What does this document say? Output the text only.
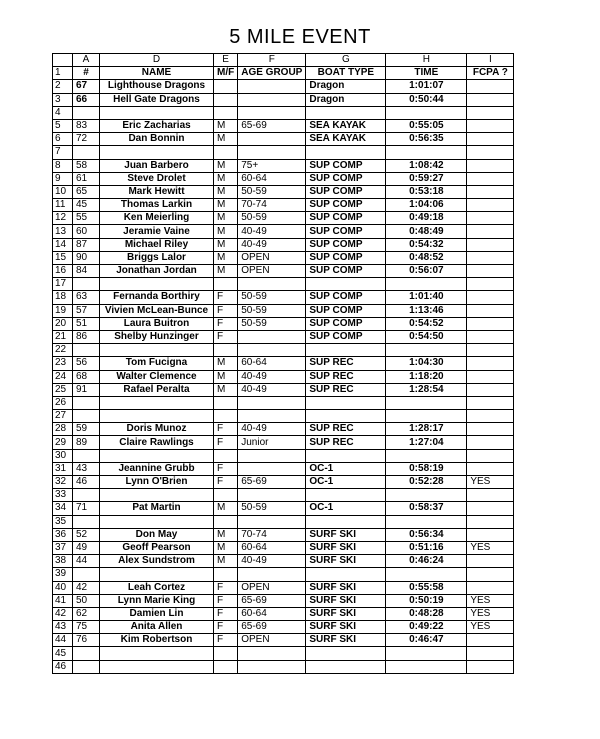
5 MILE EVENT
	A	D	E	F	G	H	I
1	#	NAME	M/F	AGE GROUP	BOAT TYPE	TIME	FCPA ?
2	67	Lighthouse Dragons			Dragon	1:01:07	
3	66	Hell Gate Dragons			Dragon	0:50:44	
4							
5	83	Eric Zacharias	M	65-69	SEA KAYAK	0:55:05	
6	72	Dan Bonnin	M		SEA KAYAK	0:56:35	
7							
8	58	Juan Barbero	M	75+	SUP COMP	1:08:42	
9	61	Steve Drolet	M	60-64	SUP COMP	0:59:27	
10	65	Mark Hewitt	M	50-59	SUP COMP	0:53:18	
11	45	Thomas Larkin	M	70-74	SUP COMP	1:04:06	
12	55	Ken Meierling	M	50-59	SUP COMP	0:49:18	
13	60	Jeramie Vaine	M	40-49	SUP COMP	0:48:49	
14	87	Michael Riley	M	40-49	SUP COMP	0:54:32	
15	90	Briggs Lalor	M	OPEN	SUP COMP	0:48:52	
16	84	Jonathan Jordan	M	OPEN	SUP COMP	0:56:07	
17							
18	63	Fernanda Borthiry	F	50-59	SUP COMP	1:01:40	
19	57	Vivien McLean-Bunce	F	50-59	SUP COMP	1:13:46	
20	51	Laura Buitron	F	50-59	SUP COMP	0:54:52	
21	86	Shelby Hunzinger	F		SUP COMP	0:54:50	
22							
23	56	Tom Fucigna	M	60-64	SUP REC	1:04:30	
24	68	Walter Clemence	M	40-49	SUP REC	1:18:20	
25	91	Rafael Peralta	M	40-49	SUP REC	1:28:54	
26							
27							
28	59	Doris Munoz	F	40-49	SUP REC	1:28:17	
29	89	Claire Rawlings	F	Junior	SUP REC	1:27:04	
30							
31	43	Jeannine Grubb	F		OC-1	0:58:19	
32	46	Lynn O'Brien	F	65-69	OC-1	0:52:28	YES
33							
34	71	Pat Martin	M	50-59	OC-1	0:58:37	
35							
36	52	Don May	M	70-74	SURF SKI	0:56:34	
37	49	Geoff Pearson	M	60-64	SURF SKI	0:51:16	YES
38	44	Alex Sundstrom	M	40-49	SURF SKI	0:46:24	
39							
40	42	Leah Cortez	F	OPEN	SURF SKI	0:55:58	
41	50	Lynn Marie King	F	65-69	SURF SKI	0:50:19	YES
42	62	Damien Lin	F	60-64	SURF SKI	0:48:28	YES
43	75	Anita Allen	F	65-69	SURF SKI	0:49:22	YES
44	76	Kim Robertson	F	OPEN	SURF SKI	0:46:47	
45							
46							
